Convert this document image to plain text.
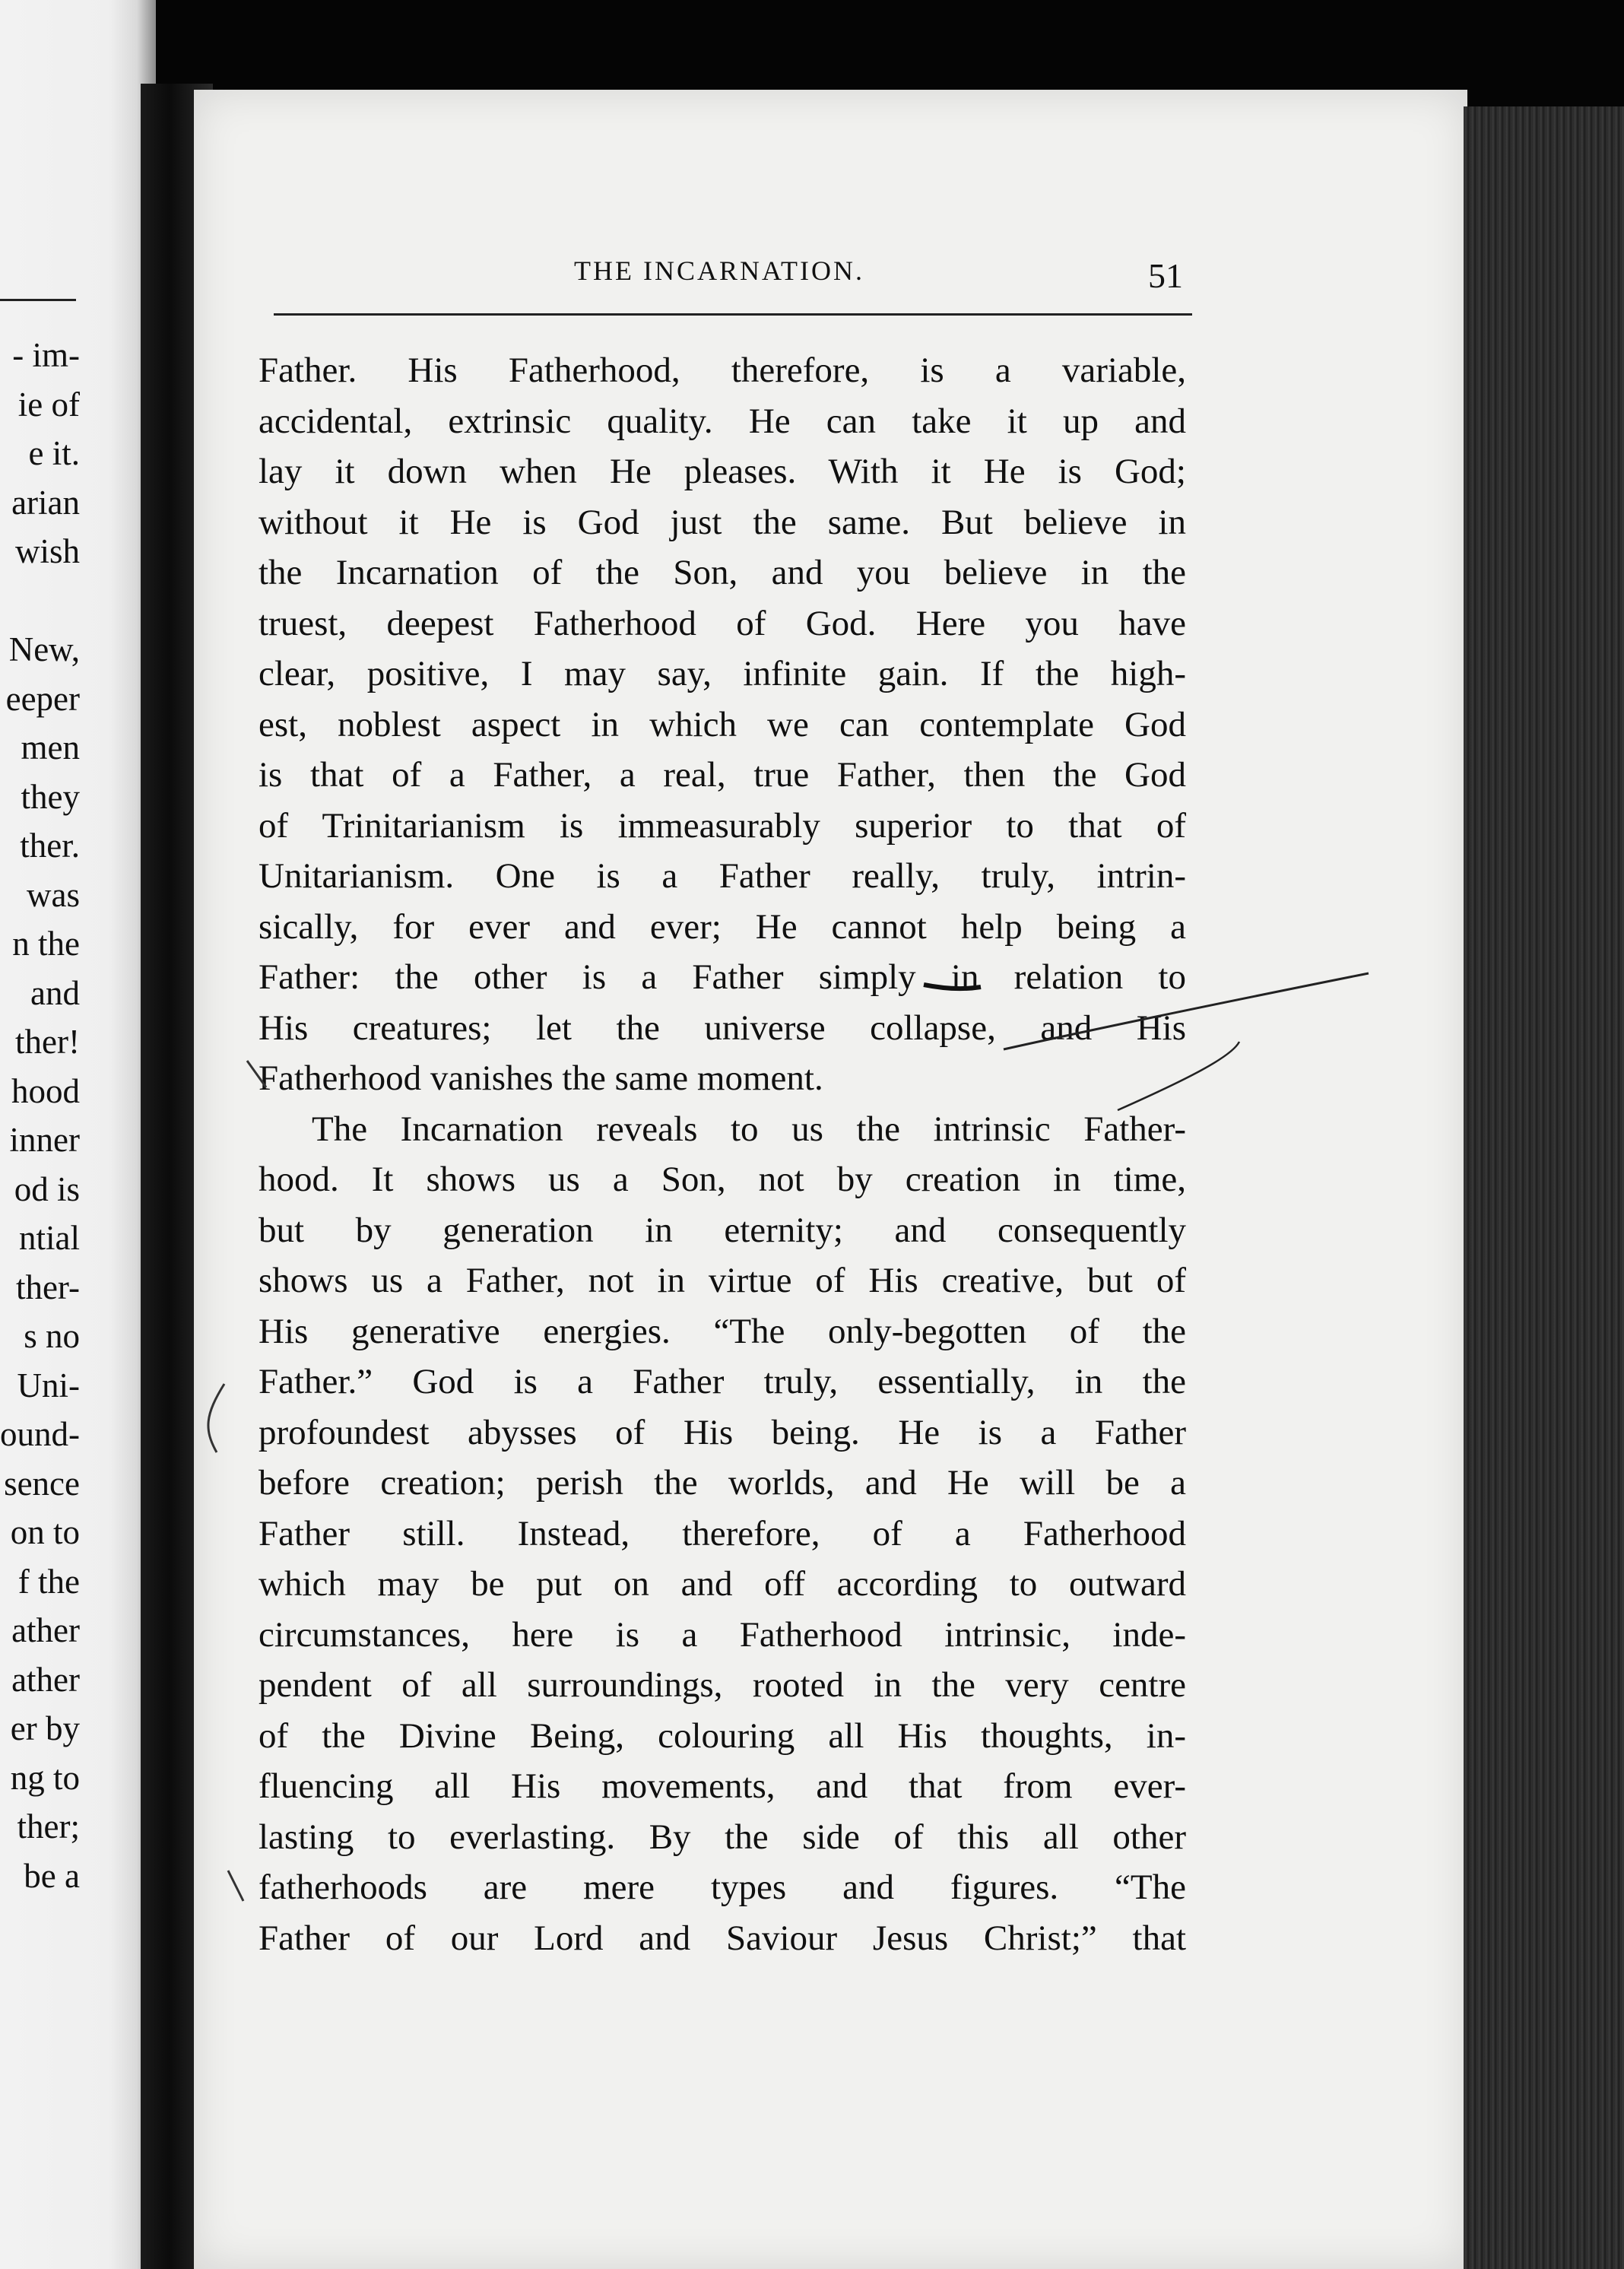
- im-
ie of
e it.
arian
wish

New,
eeper
men
they
ther.
was
n the
and
ther!
hood
inner
od is
ntial
ther-
s no
Uni-
ound-
sence
on to
f the
ather
ather
er by
ng to
ther;
be a
THE INCARNATION.	51
Father. His Fatherhood, therefore, is a variable,
accidental, extrinsic quality. He can take it up and
lay it down when He pleases. With it He is God;
without it He is God just the same. But believe in
the Incarnation of the Son, and you believe in the
truest, deepest Fatherhood of God. Here you have
clear, positive, I may say, infinite gain. If the high-
est, noblest aspect in which we can contemplate God
is that of a Father, a real, true Father, then the God
of Trinitarianism is immeasurably superior to that of
Unitarianism. One is a Father really, truly, intrin-
sically, for ever and ever; He cannot help being a
Father: the other is a Father simply in relation to
His creatures; let the universe collapse, and His
Fatherhood vanishes the same moment.
The Incarnation reveals to us the intrinsic Father-
hood. It shows us a Son, not by creation in time,
but by generation in eternity; and consequently
shows us a Father, not in virtue of His creative, but of
His generative energies. “The only-begotten of the
Father.” God is a Father truly, essentially, in the
profoundest abysses of His being. He is a Father
before creation; perish the worlds, and He will be a
Father still. Instead, therefore, of a Fatherhood
which may be put on and off according to outward
circumstances, here is a Fatherhood intrinsic, inde-
pendent of all surroundings, rooted in the very centre
of the Divine Being, colouring all His thoughts, in-
fluencing all His movements, and that from ever-
lasting to everlasting. By the side of this all other
fatherhoods are mere types and figures. “The
Father of our Lord and Saviour Jesus Christ;” that
